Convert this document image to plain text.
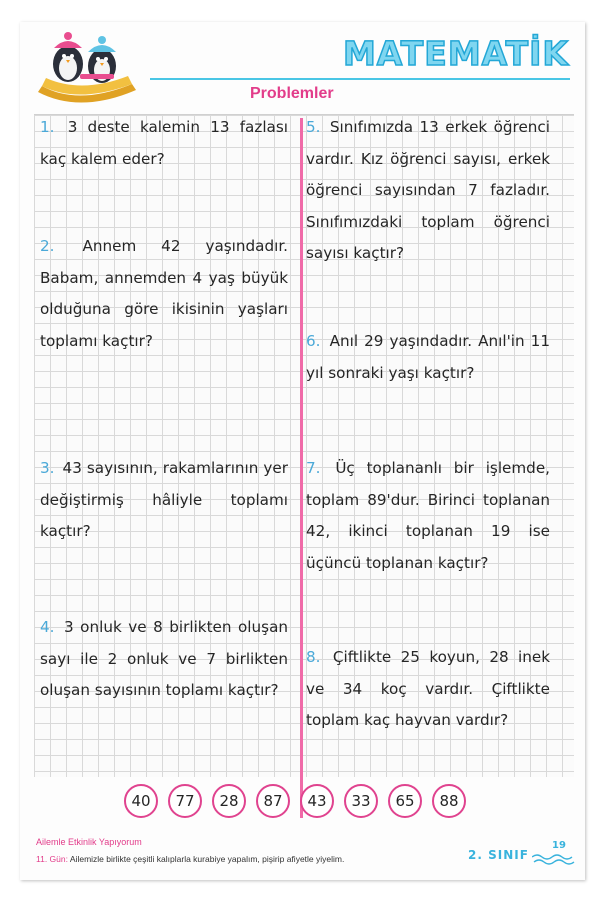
MATEMATİK
Problemler
1. 3 deste kalemin 13 fazlası kaç kalem eder?
2. Annem 42 yaşındadır. Babam, annemden 4 yaş büyük olduğuna göre ikisinin yaşları toplamı kaçtır?
3. 43 sayısının, rakamlarının yer değiştirmiş hâliyle toplamı kaçtır?
4. 3 onluk ve 8 birlikten oluşan sayı ile 2 onluk ve 7 birlikten oluşan sayısının toplamı kaçtır?
5. Sınıfımızda 13 erkek öğrenci vardır. Kız öğrenci sayısı, erkek öğrenci sayısından 7 fazladır. Sınıfımızdaki toplam öğrenci sayısı kaçtır?
6. Anıl 29 yaşındadır. Anıl'in 11 yıl sonraki yaşı kaçtır?
7. Üç toplananlı bir işlemde, toplam 89'dur. Birinci toplanan 42, ikinci toplanan 19 ise üçüncü toplanan kaçtır?
8. Çiftlikte 25 koyun, 28 inek ve 34 koç vardır. Çiftlikte toplam kaç hayvan vardır?
40	77	28	87	43	33	65	88
Ailemle Etkinlik Yapıyorum
11. Gün: Ailemizle birlikte çeşitli kalıplarla kurabiye yapalım, pişirip afiyetle yiyelim.	2. SINIF
19
